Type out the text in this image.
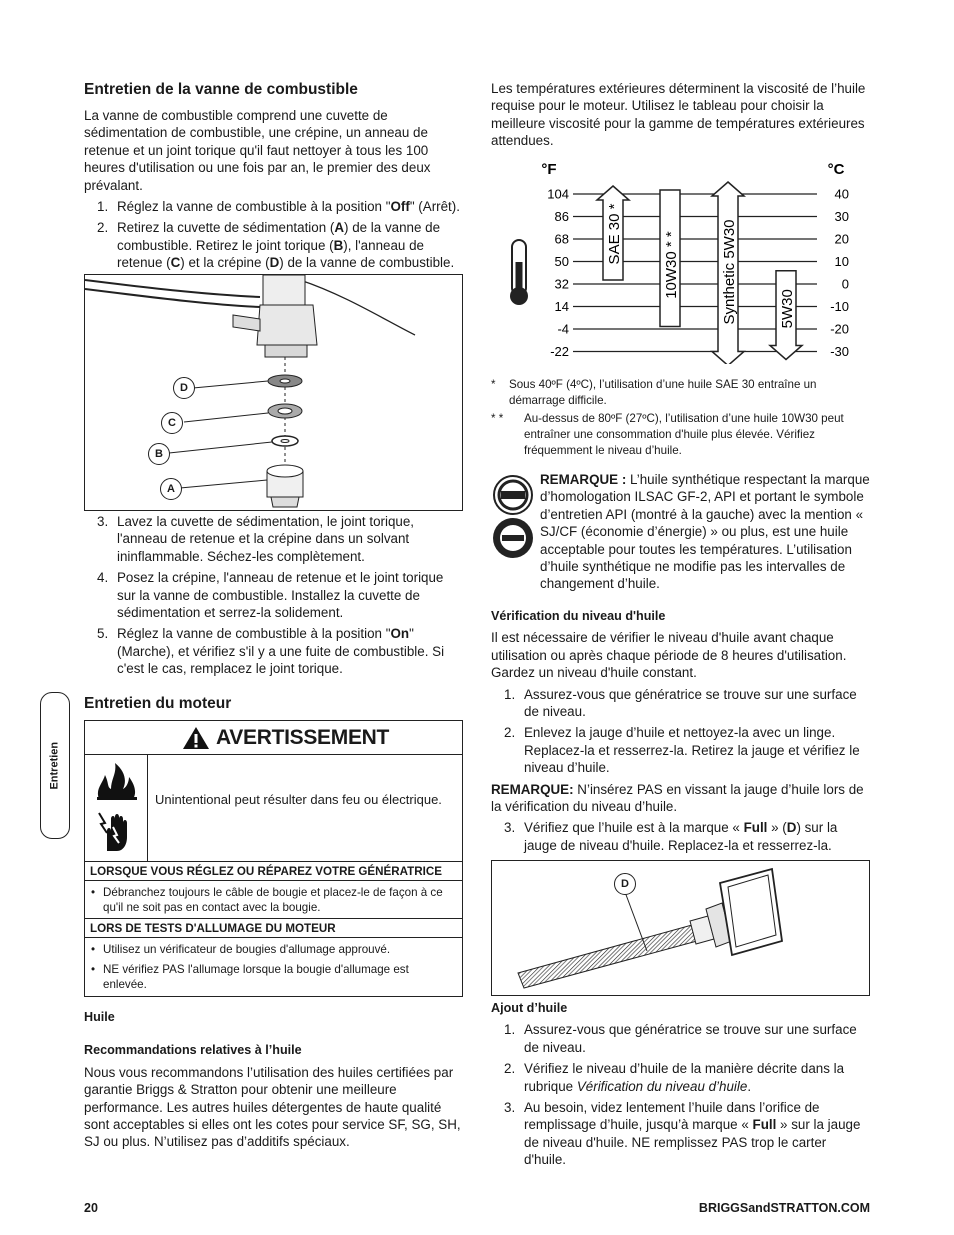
Entretien de la vanne de combustible

La vanne de combustible comprend une cuvette de sédimentation de combustible, une crépine, un anneau de retenue et un joint torique qu'il faut nettoyer à tous les 100 heures d'utilisation ou une fois par an, le premier des deux prévalant.

1. Réglez la vanne de combustible à la position "Off" (Arrêt).
2. Retirez la cuvette de sédimentation (A) de la vanne de combustible. Retirez le joint torique (B), l'anneau de retenue (C) et la crépine (D) de la vanne de combustible.
D
C
B
A
3. Lavez la cuvette de sédimentation, le joint torique, l'anneau de retenue et la crépine dans un solvant ininflammable. Séchez-les complètement.
4. Posez la crépine, l'anneau de retenue et le joint torique sur la vanne de combustible. Installez la cuvette de sédimentation et serrez-la solidement.
5. Réglez la vanne de combustible à la position "On" (Marche), et vérifiez s'il y a une fuite de combustible. Si c'est le cas, remplacez le joint torique.
Entretien du moteur
AVERTISSEMENT
Unintentional peut résulter dans feu ou électrique.
LORSQUE VOUS RÉGLEZ OU RÉPAREZ VOTRE GÉNÉRATRICE
• Débranchez toujours le câble de bougie et placez-le de façon à ce qu'il ne soit pas en contact avec la bougie.
LORS DE TESTS D'ALLUMAGE DU MOTEUR
• Utilisez un vérificateur de bougies d'allumage approuvé.
• NE vérifiez PAS l'allumage lorsque la bougie d'allumage est enlevée.
Huile
Recommandations relatives à l’huile

Nous vous recommandons l’utilisation des huiles certifiées par garantie Briggs & Stratton pour obtenir une meilleure performance. Les autres huiles détergentes de haute qualité sont acceptables si elles ont les cotes pour service SF, SG, SH, SJ ou plus. N’utilisez pas d’additifs spéciaux.

Entretien

Les températures extérieures déterminent la viscosité de l’huile requise pour le moteur. Utilisez le tableau pour choisir la meilleure viscosité pour la gamme de températures extérieures attendues.

°F	°C
104	40
86	30
68	20
50	10
32	0
14	-10
-4	-20
-22	-30
SAE 30 *	10W30 * *	Synthetic 5W30	5W30
* Sous 40ºF (4ºC), l’utilisation d’une huile SAE 30 entraîne un démarrage difficile.
* * Au-dessus de 80ºF (27ºC), l’utilisation d’une huile 10W30 peut entraîner une consommation d'huile plus élevée. Vérifiez fréquemment le niveau d’huile.

REMARQUE : L’huile synthétique respectant la marque d’homologation ILSAC GF-2, API et portant le symbole d’entretien API (montré à la gauche) avec la mention « SJ/CF (économie d’énergie) » ou plus, est une huile acceptable pour toutes les températures. L’utilisation d’huile synthétique ne modifie pas les intervalles de changement d’huile.

Vérification du niveau d'huile

Il est nécessaire de vérifier le niveau d'huile avant chaque utilisation ou après chaque période de 8 heures d'utilisation. Gardez un niveau d'huile constant.

1. Assurez-vous que génératrice se trouve sur une surface de niveau.
2. Enlevez la jauge d’huile et nettoyez-la avec un linge. Replacez-la et resserrez-la. Retirez la jauge et vérifiez le niveau d’huile.

REMARQUE: N’insérez PAS en vissant la jauge d’huile lors de la vérification du niveau d’huile.

3. Vérifiez que l’huile est à la marque « Full » (D) sur la jauge de niveau d'huile. Replacez-la et resserrez-la.
D
Ajout d’huile
1. Assurez-vous que génératrice se trouve sur une surface de niveau.
2. Vérifiez le niveau d’huile de la manière décrite dans la rubrique Vérification du niveau d’huile.
3. Au besoin, videz lentement l’huile dans l’orifice de remplissage d’huile, jusqu’à marque « Full » sur la jauge de niveau d'huile. NE remplissez PAS trop le carter d'huile.
20	BRIGGSandSTRATTON.COM
